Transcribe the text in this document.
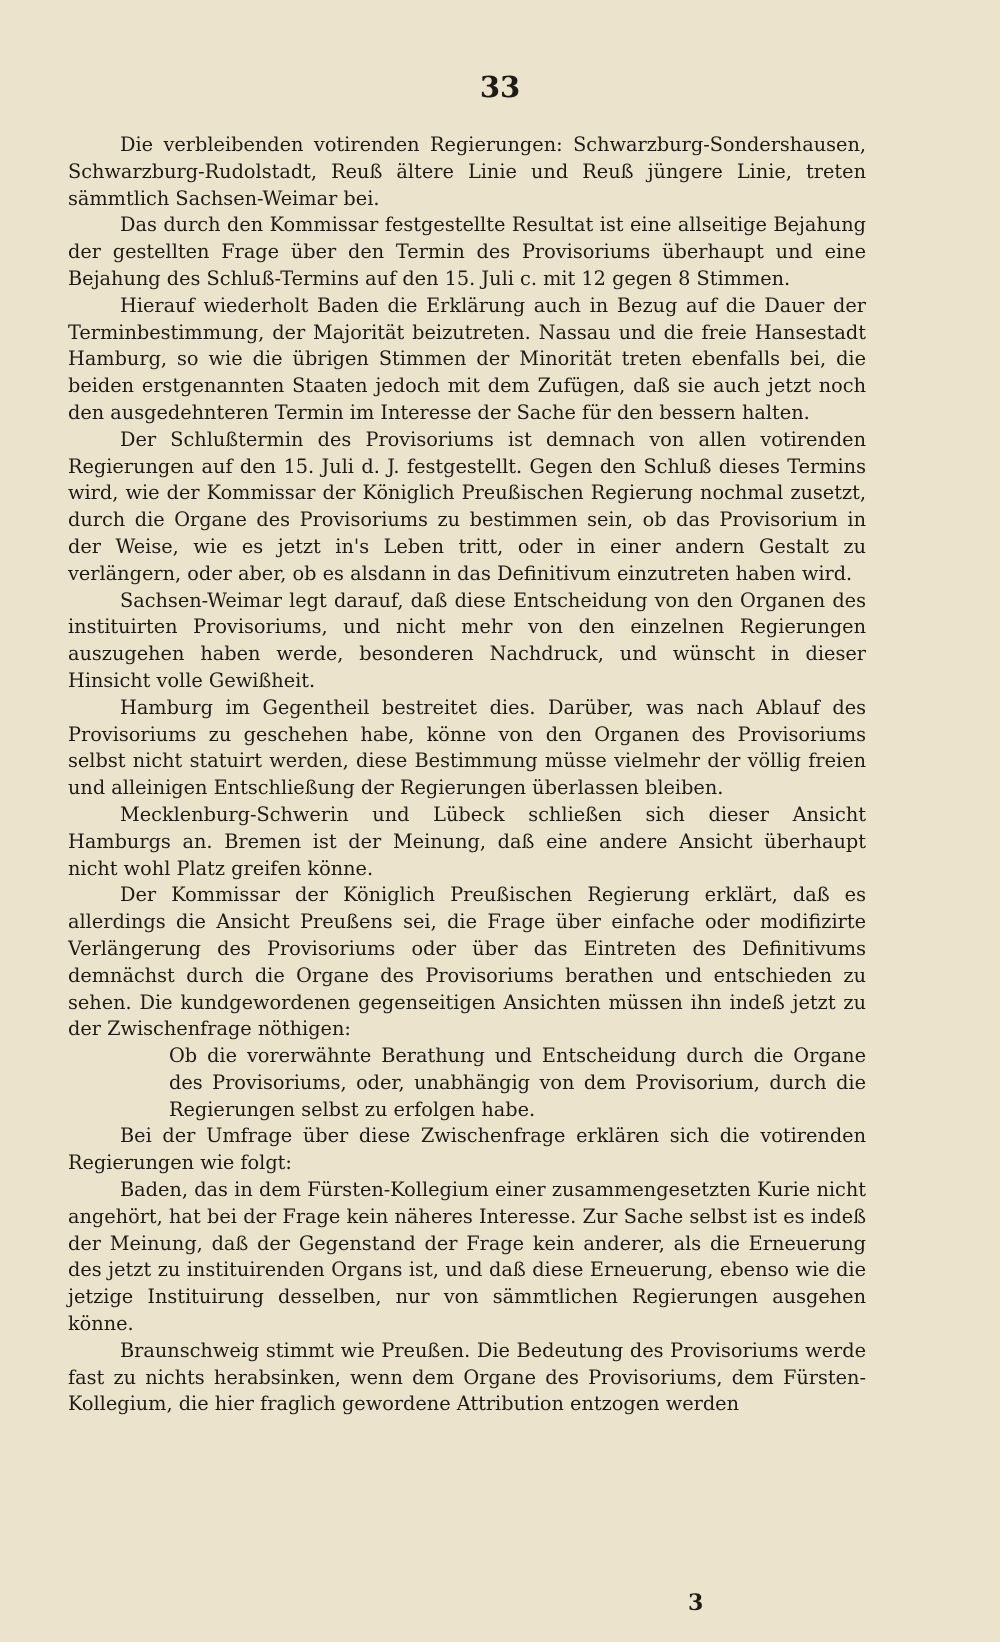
33

Die verbleibenden votirenden Regierungen: Schwarzburg-Sondershausen, Schwarzburg-Rudolstadt, Reuß ältere Linie und Reuß jüngere Linie, treten sämmtlich Sachsen-Weimar bei.

Das durch den Kommissar festgestellte Resultat ist eine allseitige Bejahung der gestellten Frage über den Termin des Provisoriums überhaupt und eine Bejahung des Schluß-Termins auf den 15. Juli c. mit 12 gegen 8 Stimmen.

Hierauf wiederholt Baden die Erklärung auch in Bezug auf die Dauer der Terminbestimmung, der Majorität beizutreten. Nassau und die freie Hansestadt Hamburg, so wie die übrigen Stimmen der Minorität treten ebenfalls bei, die beiden erstgenannten Staaten jedoch mit dem Zufügen, daß sie auch jetzt noch den ausgedehnteren Termin im Interesse der Sache für den bessern halten.

Der Schlußtermin des Provisoriums ist demnach von allen votirenden Regierungen auf den 15. Juli d. J. festgestellt. Gegen den Schluß dieses Termins wird, wie der Kommissar der Königlich Preußischen Regierung nochmal zusetzt, durch die Organe des Provisoriums zu bestimmen sein, ob das Provisorium in der Weise, wie es jetzt in's Leben tritt, oder in einer andern Gestalt zu verlängern, oder aber, ob es alsdann in das Definitivum einzutreten haben wird.

Sachsen-Weimar legt darauf, daß diese Entscheidung von den Organen des instituirten Provisoriums, und nicht mehr von den einzelnen Regierungen auszugehen haben werde, besonderen Nachdruck, und wünscht in dieser Hinsicht volle Gewißheit.

Hamburg im Gegentheil bestreitet dies. Darüber, was nach Ablauf des Provisoriums zu geschehen habe, könne von den Organen des Provisoriums selbst nicht statuirt werden, diese Bestimmung müsse vielmehr der völlig freien und alleinigen Entschließung der Regierungen überlassen bleiben.

Mecklenburg-Schwerin und Lübeck schließen sich dieser Ansicht Hamburgs an. Bremen ist der Meinung, daß eine andere Ansicht überhaupt nicht wohl Platz greifen könne.

Der Kommissar der Königlich Preußischen Regierung erklärt, daß es allerdings die Ansicht Preußens sei, die Frage über einfache oder modifizirte Verlängerung des Provisoriums oder über das Eintreten des Definitivums demnächst durch die Organe des Provisoriums berathen und entschieden zu sehen. Die kundgewordenen gegenseitigen Ansichten müssen ihn indeß jetzt zu der Zwischenfrage nöthigen:

Ob die vorerwähnte Berathung und Entscheidung durch die Organe des Provisoriums, oder, unabhängig von dem Provisorium, durch die Regierungen selbst zu erfolgen habe.

Bei der Umfrage über diese Zwischenfrage erklären sich die votirenden Regierungen wie folgt:

Baden, das in dem Fürsten-Kollegium einer zusammengesetzten Kurie nicht angehört, hat bei der Frage kein näheres Interesse. Zur Sache selbst ist es indeß der Meinung, daß der Gegenstand der Frage kein anderer, als die Erneuerung des jetzt zu instituirenden Organs ist, und daß diese Erneuerung, ebenso wie die jetzige Instituirung desselben, nur von sämmtlichen Regierungen ausgehen könne.

Braunschweig stimmt wie Preußen. Die Bedeutung des Provisoriums werde fast zu nichts herabsinken, wenn dem Organe des Provisoriums, dem Fürsten-Kollegium, die hier fraglich gewordene Attribution entzogen werden

3
